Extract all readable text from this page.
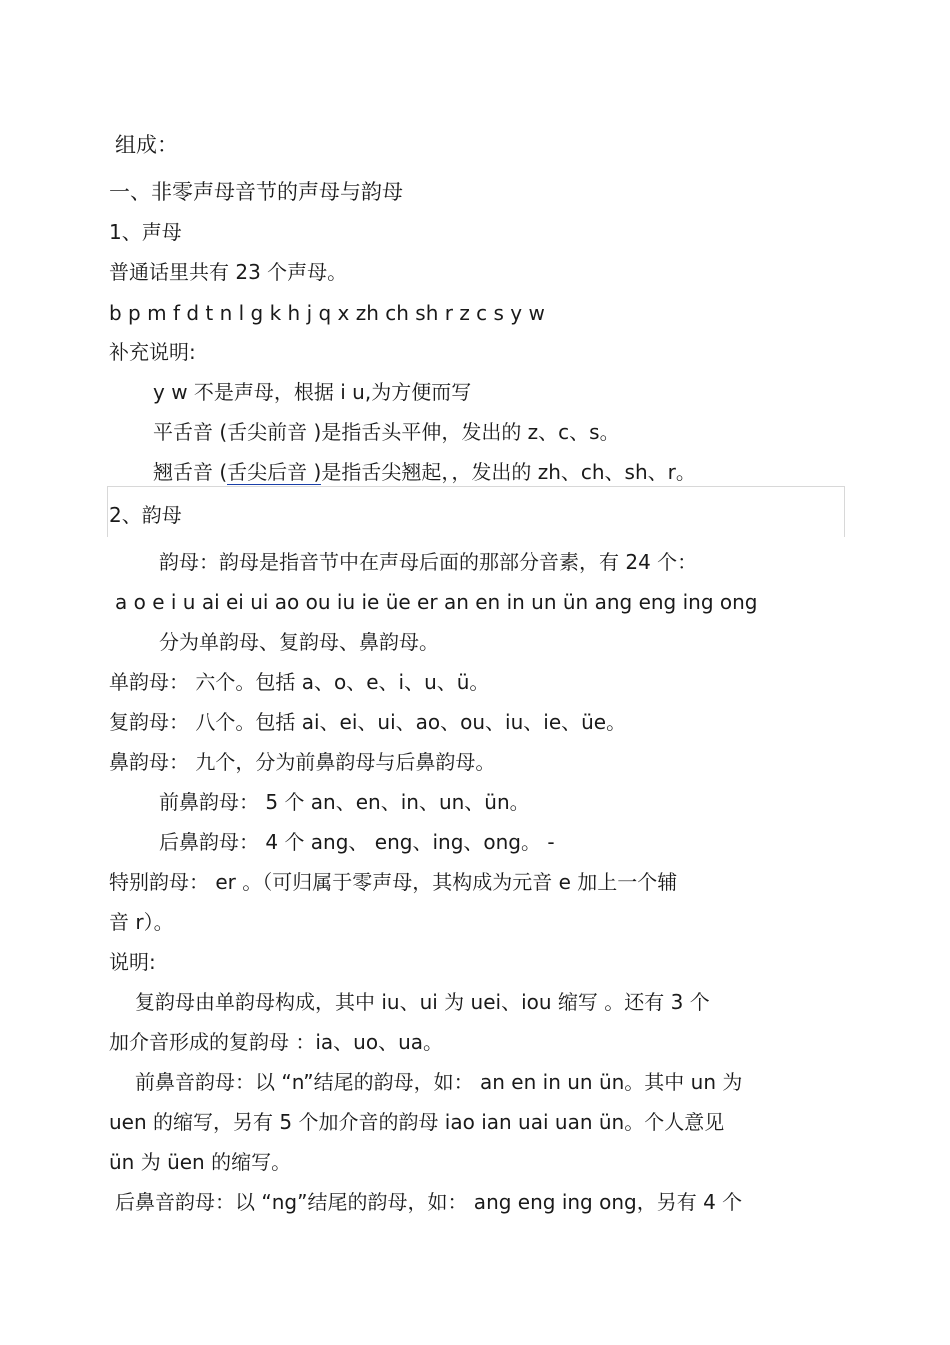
组成：
一、非零声母音节的声母与韵母
1、声母
普通话里共有 23 个声母。
b p m f d t n l g k h j q x zh ch sh r z c s y w
补充说明:
y w 不是声母，根据 i u,为方便而写
平舌音 (舌尖前音 )是指舌头平伸，发出的 z、c、s。
翘舌音 (舌尖后音 )是指舌尖翘起，，发出的 zh、ch、sh、r。
2、韵母
韵母：韵母是指音节中在声母后面的那部分音素，有 24 个：
a o e i u ai ei ui ao ou iu ie üe er an en in un ün ang eng ing ong
分为单韵母、复韵母、鼻韵母。
单韵母： 六个。包括 a、o、e、i、u、ü。
复韵母： 八个。包括 ai、ei、ui、ao、ou、iu、ie、üe。
鼻韵母： 九个，分为前鼻韵母与后鼻韵母。
前鼻韵母： 5 个 an、en、in、un、ün。
后鼻韵母： 4 个 ang、 eng、ing、ong。 -
特别韵母： er 。（可归属于零声母，其构成为元音 e 加上一个辅
音 r）。
说明:
复韵母由单韵母构成，其中 iu、ui 为 uei、iou 缩写 。还有 3 个
加介音形成的复韵母 ：ia、uo、ua。
前鼻音韵母：以 “n”结尾的韵母，如： an en in un ün。其中 un 为
uen 的缩写，另有 5 个加介音的韵母 iao ian uai uan ün。个人意见
ün 为 üen 的缩写。
后鼻音韵母：以 “ng”结尾的韵母，如： ang eng ing ong，另有 4 个
